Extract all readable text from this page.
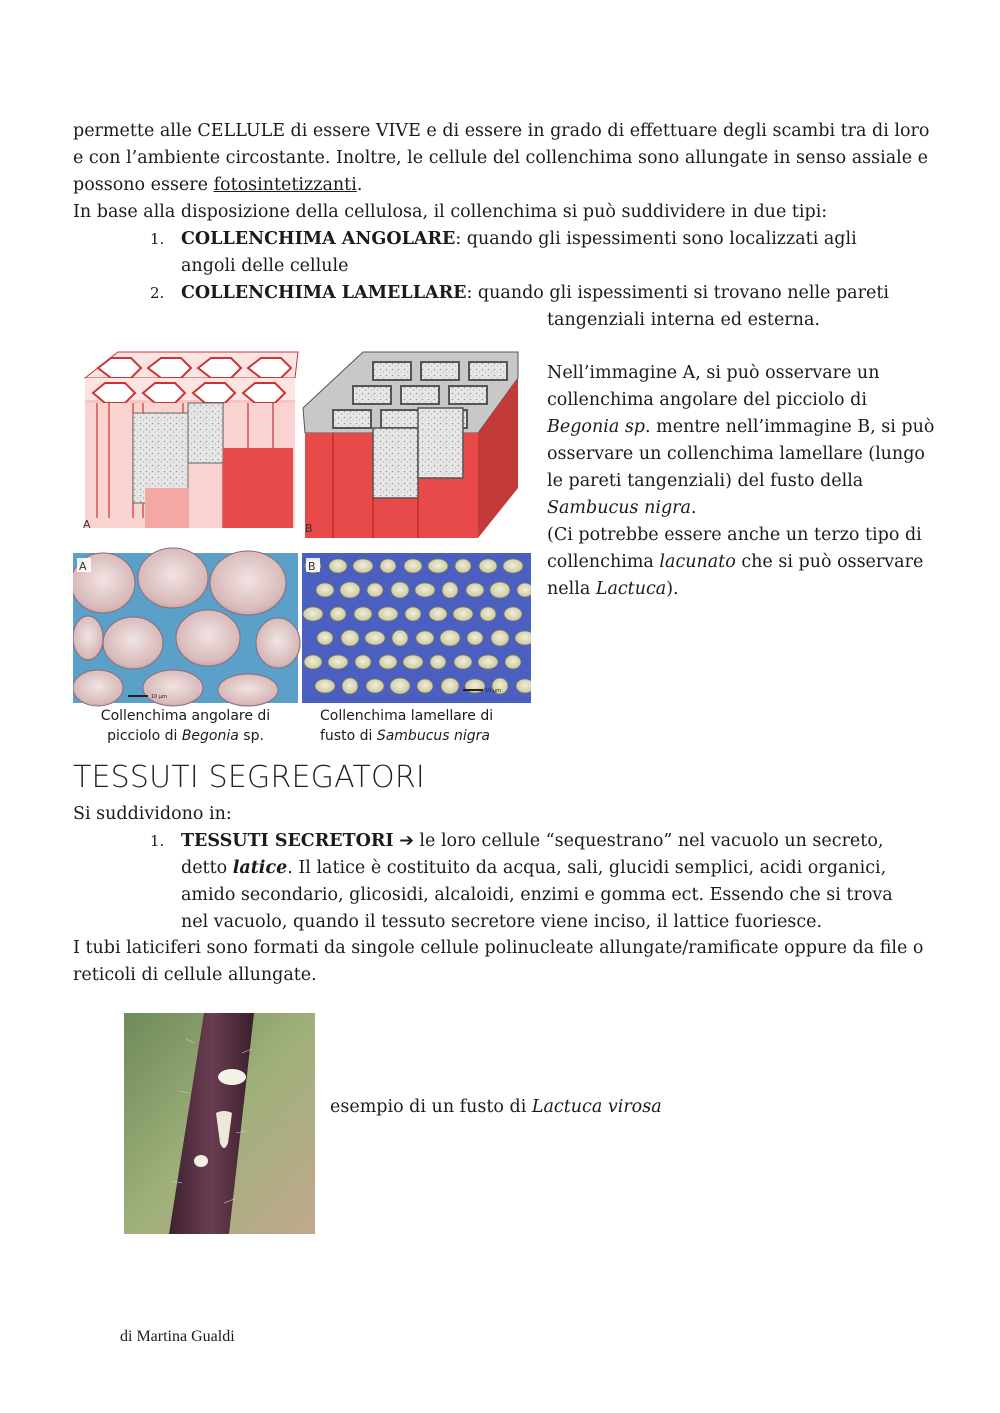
permette alle CELLULE di essere VIVE e di essere in grado di effettuare degli scambi tra di loro e con l’ambiente circostante. Inoltre, le cellule del collenchima sono allungate in senso assiale e possono essere fotosintetizzanti.
In base alla disposizione della cellulosa, il collenchima si può suddividere in due tipi:
1. COLLENCHIMA ANGOLARE: quando gli ispessimenti sono localizzati agli angoli delle cellule
2. COLLENCHIMA LAMELLARE: quando gli ispessimenti si trovano nelle pareti
tangenziali interna ed esterna.
A	B
A
10 µm
B
10 µm
Collenchima angolare di
picciolo di Begonia sp.
Collenchima lamellare di
fusto di Sambucus nigra
Nell’immagine A, si può osservare un collenchima angolare del picciolo di Begonia sp. mentre nell’immagine B, si può osservare un collenchima lamellare (lungo le pareti tangenziali) del fusto della Sambucus nigra.
(Ci potrebbe essere anche un terzo tipo di collenchima lacunato che si può osservare nella Lactuca).
TESSUTI SEGREGATORI
Si suddividono in:
1. TESSUTI SECRETORI ➔ le loro cellule “sequestrano” nel vacuolo un secreto, detto latice. Il latice è costituito da acqua, sali, glucidi semplici, acidi organici, amido secondario, glicosidi, alcaloidi, enzimi e gomma ect. Essendo che si trova nel vacuolo, quando il tessuto secretore viene inciso, il lattice fuoriesce.
I tubi laticiferi sono formati da singole cellule polinucleate allungate/ramificate oppure da file o reticoli di cellule allungate.
esempio di un fusto di Lactuca virosa
di Martina Gualdi
